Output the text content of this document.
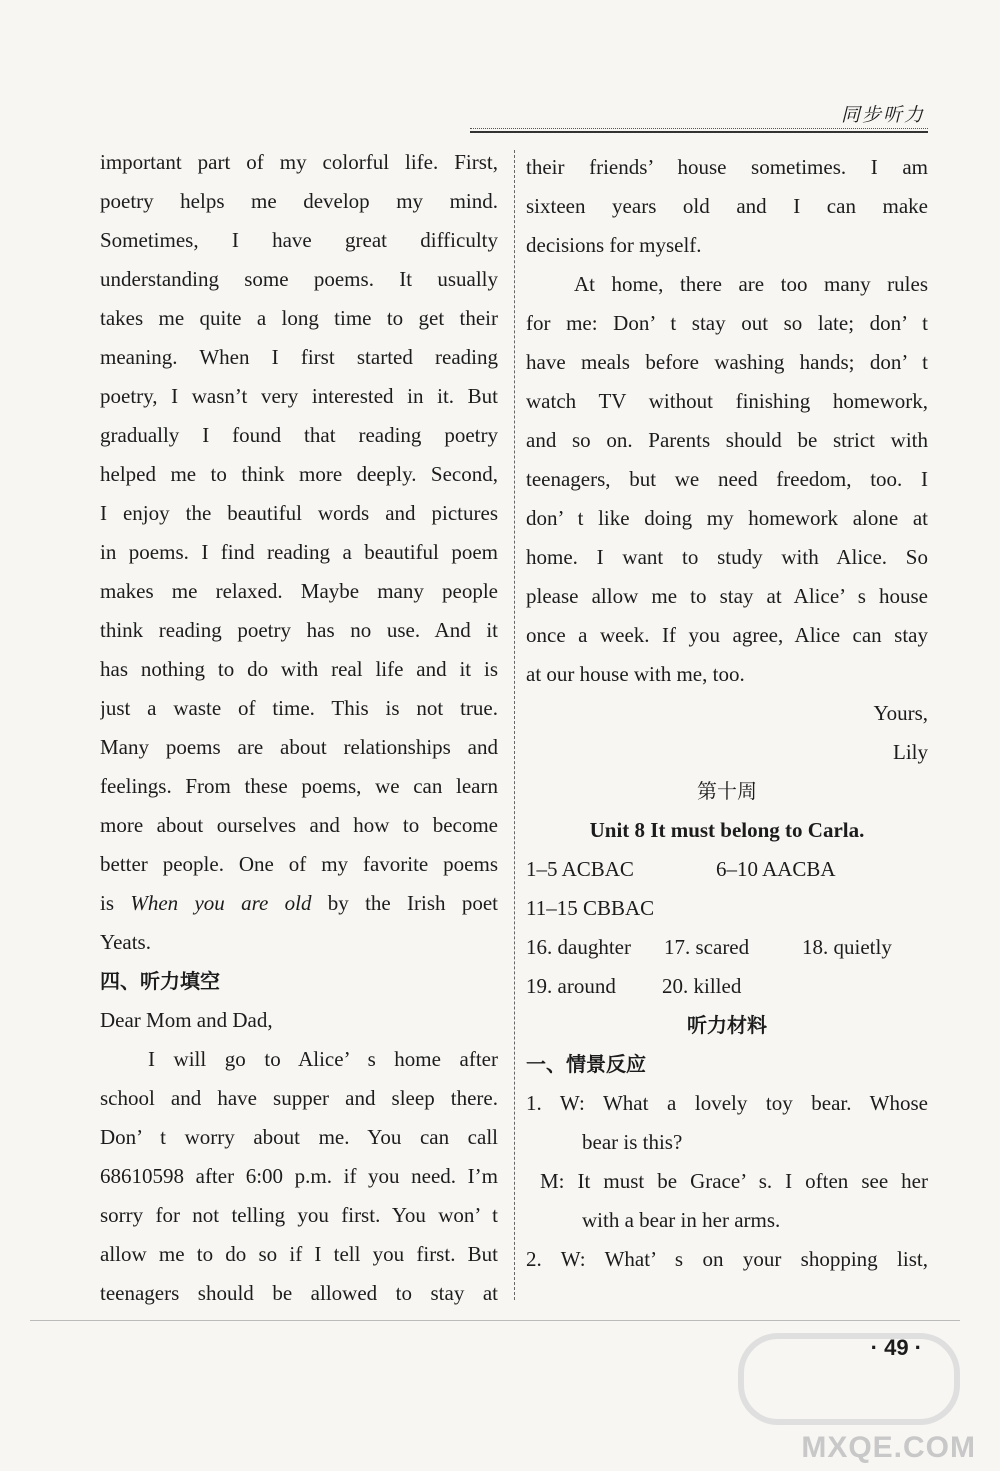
同步听力
important part of my colorful life. First,
poetry helps me develop my mind.
Sometimes, I have great difficulty
understanding some poems. It usually
takes me quite a long time to get their
meaning. When I first started reading
poetry, I wasn’t very interested in it. But
gradually I found that reading poetry
helped me to think more deeply. Second,
I enjoy the beautiful words and pictures
in poems. I find reading a beautiful poem
makes me relaxed. Maybe many people
think reading poetry has no use. And it
has nothing to do with real life and it is
just a waste of time. This is not true.
Many poems are about relationships and
feelings. From these poems, we can learn
more about ourselves and how to become
better people. One of my favorite poems
is When you are old by the Irish poet
Yeats.
四、听力填空
Dear Mom and Dad,
I will go to Alice’ s home after
school and have supper and sleep there.
Don’ t worry about me. You can call
68610598 after 6:00 p.m. if you need. I’m
sorry for not telling you first. You won’ t
allow me to do so if I tell you first. But
teenagers should be allowed to stay at
their friends’ house sometimes. I am
sixteen years old and I can make
decisions for myself.
At home, there are too many rules
for me: Don’ t stay out so late; don’ t
have meals before washing hands; don’ t
watch TV without finishing homework,
and so on. Parents should be strict with
teenagers, but we need freedom, too. I
don’ t like doing my homework alone at
home. I want to study with Alice. So
please allow me to stay at Alice’ s house
once a week. If you agree, Alice can stay
at our house with me, too.
Yours,
Lily
第十周
Unit 8 It must belong to Carla.
1–5 ACBAC	6–10 AACBA
11–15 CBBAC
16. daughter	17. scared	18. quietly
19. around	20. killed
听力材料
一、情景反应
1. W: What a lovely toy bear. Whose
bear is this?
M: It must be Grace’ s. I often see her
with a bear in her arms.
2. W: What’ s on your shopping list,
· 49 ·
MXQE.COM
